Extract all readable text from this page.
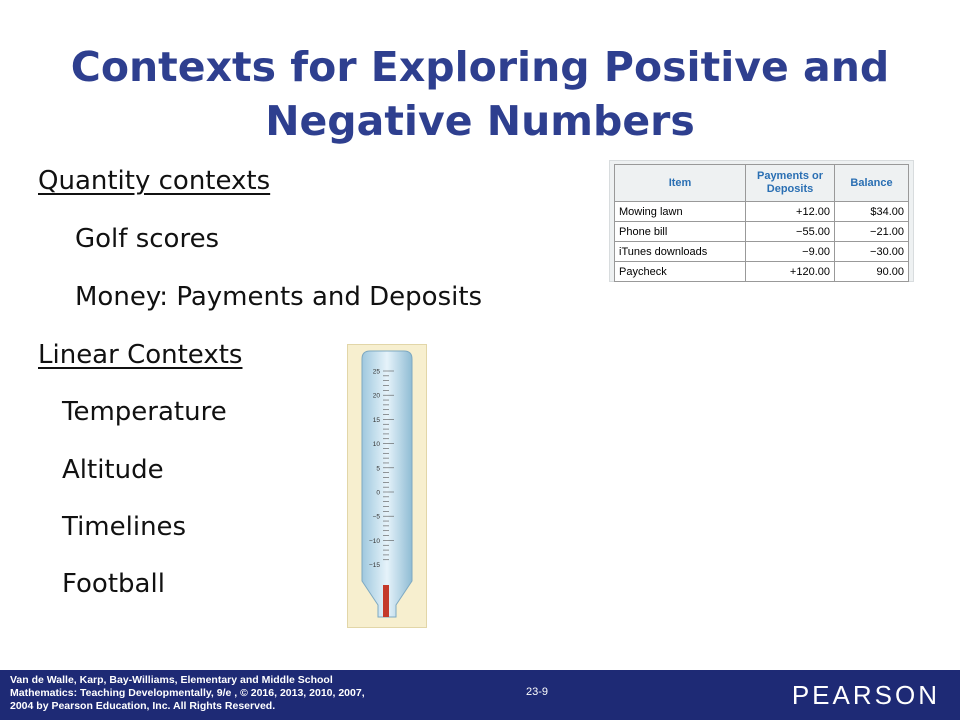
Contexts for Exploring Positive and
Negative Numbers
Quantity contexts
Golf scores
Money: Payments and Deposits
Linear Contexts
Temperature
Altitude
Timelines
Football
Item	Payments or Deposits	Balance
Mowing lawn	+12.00	$34.00
Phone bill	−55.00	−21.00
iTunes downloads	−9.00	−30.00
Paycheck	+120.00	90.00
25
20
15
10
5
0
−5
−10
−15
Van de Walle, Karp, Bay-Williams, Elementary and Middle School
Mathematics: Teaching Developmentally, 9/e , © 2016, 2013, 2010, 2007,
2004 by Pearson Education, Inc. All Rights Reserved.
23-9	PEARSON
